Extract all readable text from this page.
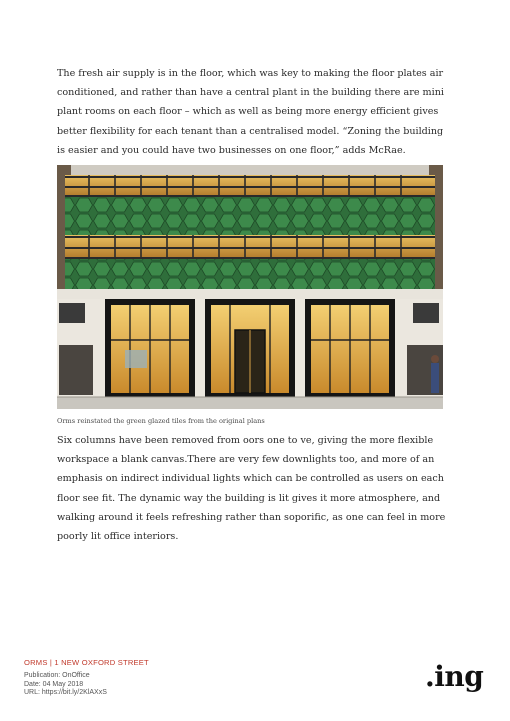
The fresh air supply is in the floor, which was key to making the floor plates air conditioned, and rather than have a central plant in the building there are mini plant rooms on each floor – which as well as being more energy efficient gives better flexibility for each tenant than a centralised model. “Zoning the building is easier and you could have two businesses on one floor,” adds McRae.

Orms reinstated the green glazed tiles from the original plans

Six columns have been removed from oors one to ve, giving the more flexible workspace a blank canvas.There are very few downlights too, and more of an emphasis on indirect individual lights which can be controlled as users on each floor see fit. The dynamic way the building is lit gives it more atmosphere, and walking around it feels refreshing rather than soporific, as one can feel in more poorly lit office interiors.

ORMS | 1 NEW OXFORD STREET
Publication: OnOffice
Date: 04 May 2018
URL: https://bit.ly/2KlAXxS	.ing
